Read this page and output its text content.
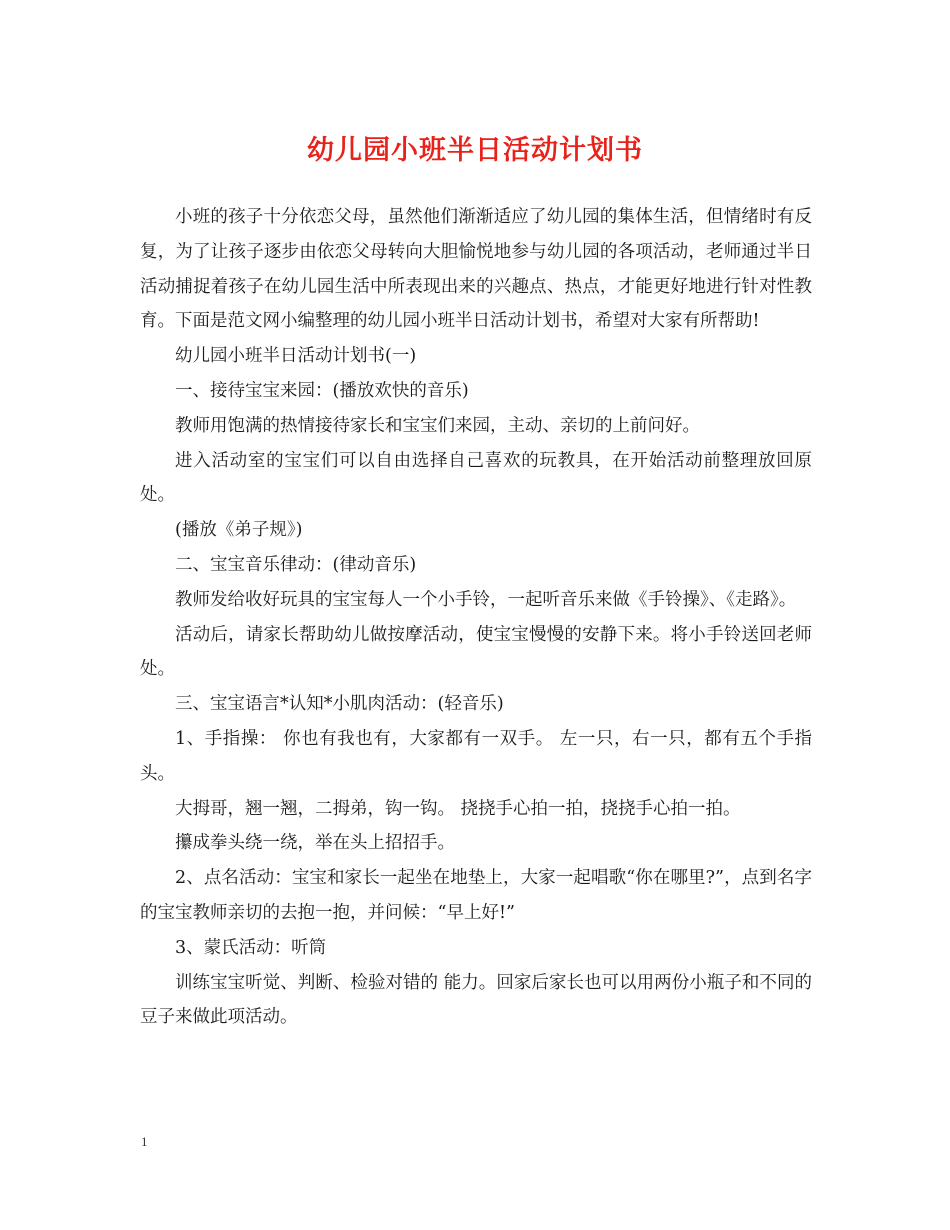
幼儿园小班半日活动计划书

小班的孩子十分依恋父母，虽然他们渐渐适应了幼儿园的集体生活，但情绪时有反复，为了让孩子逐步由依恋父母转向大胆愉悦地参与幼儿园的各项活动，老师通过半日活动捕捉着孩子在幼儿园生活中所表现出来的兴趣点、热点，才能更好地进行针对性教育。下面是范文网小编整理的幼儿园小班半日活动计划书，希望对大家有所帮助!

幼儿园小班半日活动计划书(一)

一、接待宝宝来园：(播放欢快的音乐)

教师用饱满的热情接待家长和宝宝们来园，主动、亲切的上前问好。

进入活动室的宝宝们可以自由选择自己喜欢的玩教具，在开始活动前整理放回原处。

(播放《弟子规》)

二、宝宝音乐律动：(律动音乐)

教师发给收好玩具的宝宝每人一个小手铃，一起听音乐来做《手铃操》、《走路》。

活动后，请家长帮助幼儿做按摩活动，使宝宝慢慢的安静下来。将小手铃送回老师处。

三、宝宝语言*认知*小肌肉活动：(轻音乐)

1、手指操： 你也有我也有，大家都有一双手。 左一只，右一只，都有五个手指头。

大拇哥，翘一翘，二拇弟，钩一钩。 挠挠手心拍一拍，挠挠手心拍一拍。

攥成拳头绕一绕，举在头上招招手。

2、点名活动：宝宝和家长一起坐在地垫上，大家一起唱歌“你在哪里?”，点到名字的宝宝教师亲切的去抱一抱，并问候：“早上好!”

3、蒙氏活动：听筒

训练宝宝听觉、判断、检验对错的 能力。回家后家长也可以用两份小瓶子和不同的豆子来做此项活动。

1
